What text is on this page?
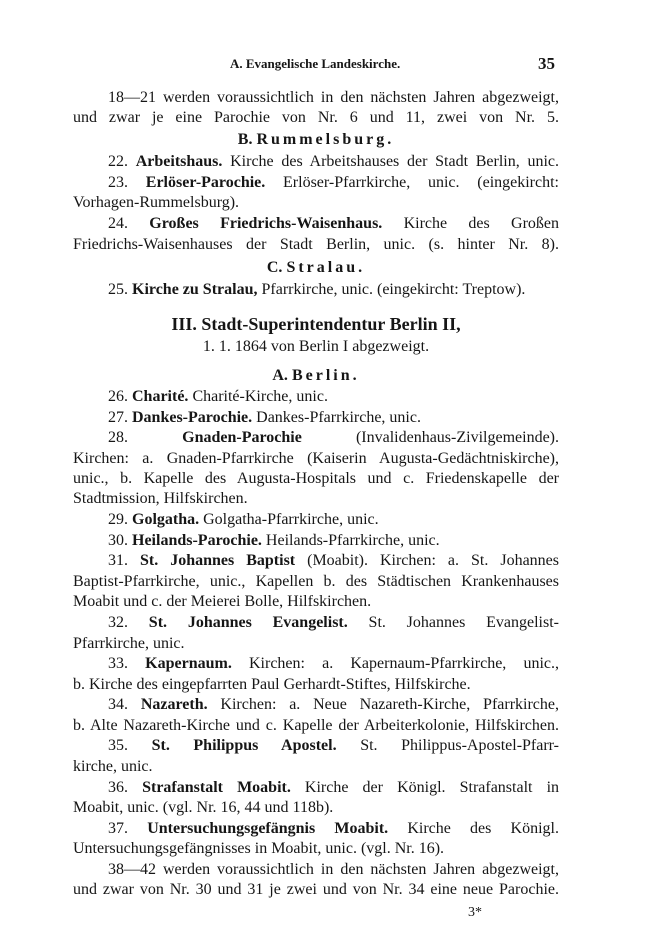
A. Evangelische Landeskirche.	35
18—21 werden voraussichtlich in den nächsten Jahren abgezweigt,
und zwar je eine Parochie von Nr. 6 und 11, zwei von Nr. 5.
B. Rummelsburg.
22. Arbeitshaus. Kirche des Arbeitshauses der Stadt Berlin, unic.
23. Erlöser-Parochie. Erlöser-Pfarrkirche, unic. (eingekircht:
Vorhagen-Rummelsburg).
24. Großes Friedrichs-Waisenhaus. Kirche des Großen
Friedrichs-Waisenhauses der Stadt Berlin, unic. (s. hinter Nr. 8).
C. Stralau.
25. Kirche zu Stralau, Pfarrkirche, unic. (eingekircht: Treptow).
III. Stadt-Superintendentur Berlin II,
1. 1. 1864 von Berlin I abgezweigt.
A. Berlin.
26. Charité. Charité-Kirche, unic.
27. Dankes-Parochie. Dankes-Pfarrkirche, unic.
28. Gnaden-Parochie (Invalidenhaus-Zivilgemeinde).
Kirchen: a. Gnaden-Pfarrkirche (Kaiserin Augusta-Gedächtniskirche),
unic., b. Kapelle des Augusta-Hospitals und c. Friedenskapelle der
Stadtmission, Hilfskirchen.
29. Golgatha. Golgatha-Pfarrkirche, unic.
30. Heilands-Parochie. Heilands-Pfarrkirche, unic.
31. St. Johannes Baptist (Moabit). Kirchen: a. St. Johannes
Baptist-Pfarrkirche, unic., Kapellen b. des Städtischen Krankenhauses
Moabit und c. der Meierei Bolle, Hilfskirchen.
32. St. Johannes Evangelist. St. Johannes Evangelist-
Pfarrkirche, unic.
33. Kapernaum. Kirchen: a. Kapernaum-Pfarrkirche, unic.,
b. Kirche des eingepfarrten Paul Gerhardt-Stiftes, Hilfskirche.
34. Nazareth. Kirchen: a. Neue Nazareth-Kirche, Pfarrkirche,
b. Alte Nazareth-Kirche und c. Kapelle der Arbeiterkolonie, Hilfskirchen.
35. St. Philippus Apostel. St. Philippus-Apostel-Pfarr-
kirche, unic.
36. Strafanstalt Moabit. Kirche der Königl. Strafanstalt in
Moabit, unic. (vgl. Nr. 16, 44 und 118b).
37. Untersuchungsgefängnis Moabit. Kirche des Königl.
Untersuchungsgefängnisses in Moabit, unic. (vgl. Nr. 16).
38—42 werden voraussichtlich in den nächsten Jahren abgezweigt,
und zwar von Nr. 30 und 31 je zwei und von Nr. 34 eine neue Parochie.
3*
